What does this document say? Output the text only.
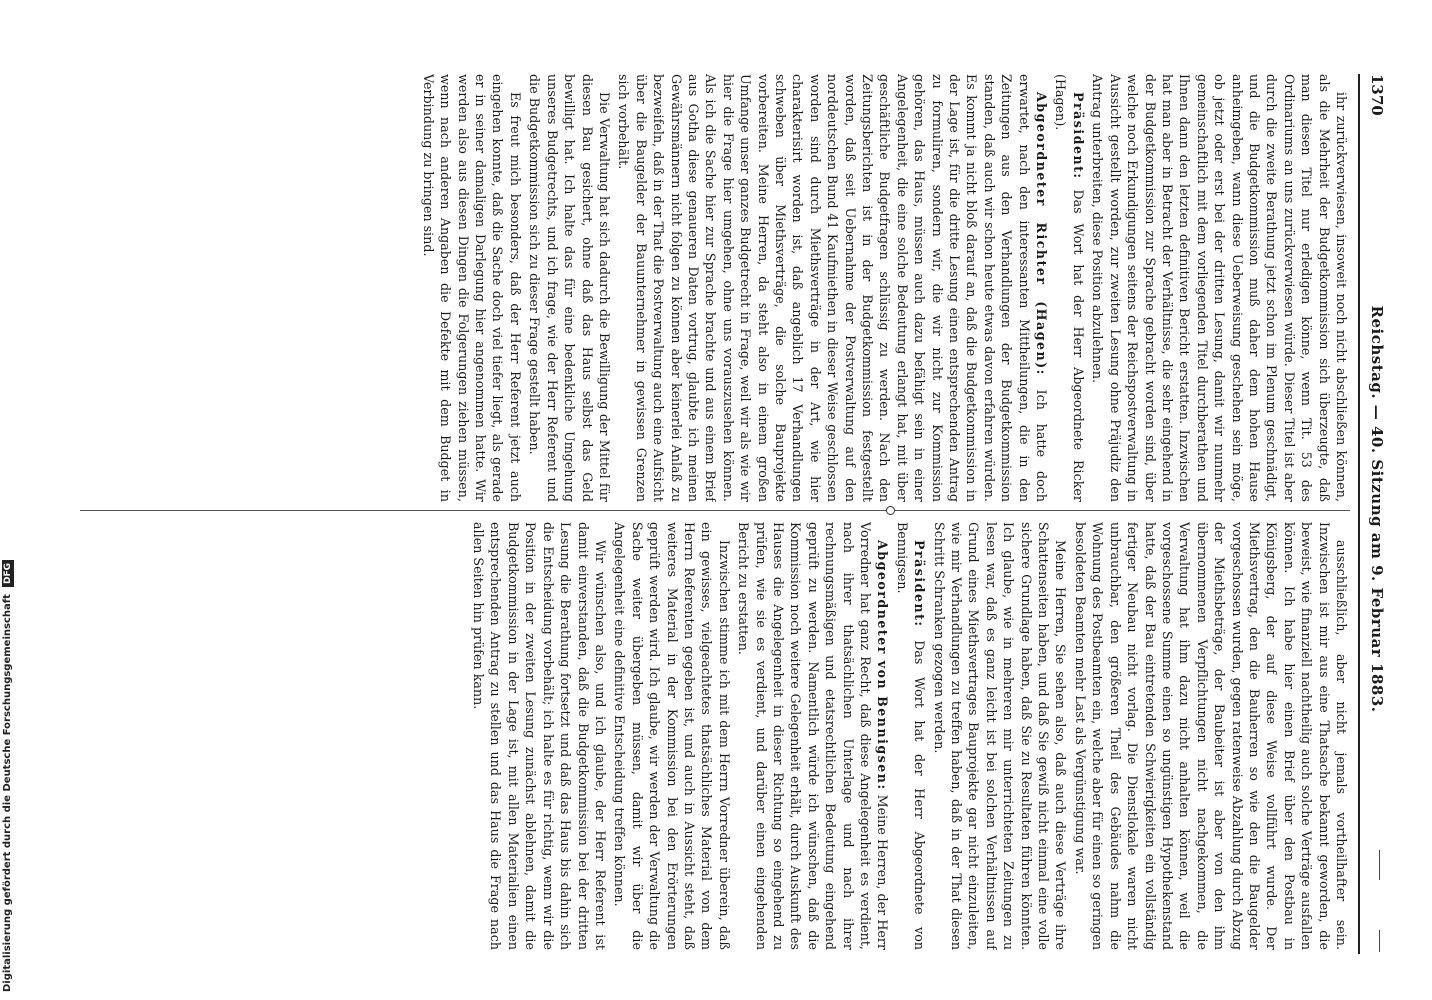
1370
Reichstag. — 40. Sitzung am 9. Februar 1883.

ihr zurückverwiesen, insoweit noch nicht abschließen können, als die Mehrheit der Budgetkommission sich überzeugte, daß man diesen Titel nur erledigen könne, wenn Tit. 53 des Ordinariums an uns zurückverwiesen würde. Dieser Titel ist aber durch die zweite Berathung jetzt schon im Plenum geschnädigt, und die Budgetkommission muß daher dem hohen Hause anheimgeben, wann diese Ueberweisung geschehen sein möge, ob jetzt oder erst bei der dritten Lesung, damit wir nunmehr gemeinschaftlich mit dem vorliegenden Titel durchberathen und Ihnen dann den letzten definitiven Bericht erstatten. Inzwischen hat man aber in Betracht der Verhältnisse, die sehr eingehend in der Budgetkommission zur Sprache gebracht worden sind, über welche noch Erkundigungen seitens der Reichspostverwaltung in Aussicht gestellt worden, zur zweiten Lesung ohne Präjudiz den Antrag unterbreiten, diese Position abzulehnen.

Präsident: Das Wort hat der Herr Abgeordnete Ricker (Hagen).

Abgeordneter Richter (Hagen): Ich hatte doch erwartet, nach den interessanten Mittheilungen, die in den Zeitungen aus den Verhandlungen der Budgetkommission standen, daß auch wir schon heute etwas davon erfahren würden. Es kommt ja nicht bloß darauf an, daß die Budgetkommission in der Lage ist, für die dritte Lesung einen entsprechenden Antrag zu formuliren, sondern wir, die wir nicht zur Kommission gehören, das Haus, müssen auch dazu befähigt sein in einer Angelegenheit, die eine solche Bedeutung erlangt hat, mit über geschäftliche Budgetfragen schlüssig zu werden. Nach den Zeitungsberichten ist in der Budgetkommission festgestellt worden, daß seit Uebernahme der Postverwaltung auf den norddeutschen Bund 41 Kaufmiethen in dieser Weise geschlossen worden sind durch Miethsverträge in der Art, wie hier charakterisirt worden ist, daß angeblich 17 Verhandlungen schweben über Miethsverträge, die solche Bauprojekte vorbereiten. Meine Herren, da steht also in einem großen Umfange unser ganzes Budgetrecht in Frage, weil wir als wie wir hier die Frage hier umgehen, ohne uns vorauszusehen können. Als ich die Sache hier zur Sprache brachte und aus einem Brief aus Gotha diese genaueren Daten vortrug, glaubte ich meinen Gewährsmännern nicht folgen zu können aber keinerlei Anlaß zu bezweifeln, daß in der That die Postverwaltung auch eine Aufsicht über die Baugelder der Bauunternehmer in gewissen Grenzen sich vorbehält.

Die Verwaltung hat sich dadurch die Bewilligung der Mittel für diesen Bau gesichert, ohne daß das Haus selbst das Geld bewilligt hat. Ich halte das für eine bedenkliche Umgehung unseres Budgetrechts, und ich frage, wie der Herr Referent und die Budgetkommission sich zu dieser Frage gestellt haben.

Es freut mich besonders, daß der Herr Referent jetzt auch eingehen konnte, daß die Sache doch viel tiefer liegt, als gerade er in seiner damaligen Darlegung hier angenommen hatte. Wir werden also aus diesen Dingen die Folgerungen ziehen müssen, wenn nach anderen Angaben die Defekte mit dem Budget in Verbindung zu bringen sind.

ausschließlich, aber nicht jemals vortheilhafter sein. Inzwischen ist mir aus eine Thatsache bekannt geworden, die beweist, wie finanziell nachtheilig auch solche Verträge ausfallen können. Ich habe hier einen Brief über den Postbau in Königsberg, der auf diese Weise vollführt wurde. Der Miethsvertrag, den die Bauherren so wie den die Baugelder vorgeschossen wurden, gegen ratenweise Abzahlung durch Abzug der Miethsbeträge, der Baubeiter ist aber von den ihm übernommenen Verpflichtungen nicht nachgekommen, die Verwaltung hat ihm dazu nicht anhalten können, weil die vorgeschossene Summe einen so ungünstigen Hypothekenstand hatte, daß der Bau eintretenden Schwierigkeiten ein vollständig fertiger Neubau nicht vorlag. Die Dienstlokale waren nicht unbrauchbar, den größeren Theil des Gebäudes nahm die Wohnung des Postbeamten ein, welche aber für einen so geringen besoldeten Beamten mehr Last als Vergünstigung war.

Meine Herren, Sie sehen also, daß auch diese Verträge ihre Schattenseiten haben, und daß Sie gewiß nicht einmal eine volle sichere Grundlage haben, daß Sie zu Resultaten führen könnten. Ich glaube, wie in mehreren mir unterrichteten Zeitungen zu lesen war, daß es ganz leicht ist bei solchen Verhältnissen auf Grund eines Miethsvertrages Bauprojekte gar nicht einzuleiten, wie mir Verhandlungen zu treffen haben, daß in der That diesen Schritt Schranken gezogen werden.

Präsident: Das Wort hat der Herr Abgeordnete von Bennigsen.

Abgeordneter von Bennigsen: Meine Herren, der Herr Vorredner hat ganz Recht, daß diese Angelegenheit es verdient, nach ihrer thatsächlichen Unterlage und nach ihrer rechnungsmäßigen und etatsrechtlichen Bedeutung eingehend geprüft zu werden. Namentlich würde ich wünschen, daß die Kommission noch weitere Gelegenheit erhält, durch Auskunft des Hauses die Angelegenheit in dieser Richtung so eingehend zu prüfen, wie sie es verdient, und darüber einen eingehenden Bericht zu erstatten.

Inzwischen stimme ich mit dem Herrn Vorredner überein, daß ein gewisses, vielgeachtetes thatsächliches Material von dem Herrn Referenten gegeben ist, und auch in Aussicht steht, daß weiteres Material in der Kommission bei den Erörterungen geprüft werden wird. Ich glaube, wir werden der Verwaltung die Sache weiter übergeben müssen, damit wir über die Angelegenheit eine definitive Entscheidung treffen können.

Wir wünschen also, und ich glaube, der Herr Referent ist damit einverstanden, daß die Budgetkommission bei der dritten Lesung die Berathung fortsetzt und daß das Haus bis dahin sich die Entscheidung vorbehält; ich halte es für richtig, wenn wir die Position in der zweiten Lesung zunächst ablehnen, damit die Budgetkommission in der Lage ist, mit allen Materialien einen entsprechenden Antrag zu stellen und das Haus die Frage nach allen Seiten hin prüfen kann.

Digitalisierung gefördert durch die Deutsche Forschungsgemeinschaft DFG
